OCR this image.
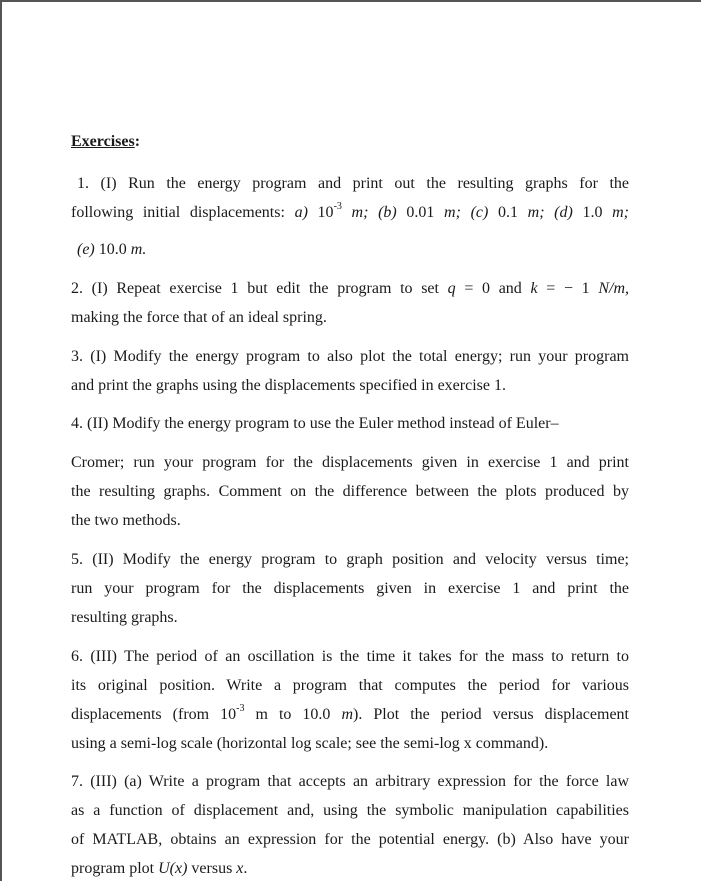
Exercises:
1. (I) Run the energy program and print out the resulting graphs for the
following initial displacements: a) $10^{-3}$ m; (b) 0.01 m; (c) 0.1 m; (d) 1.0 m;
(e) 10.0 m.
2. (I) Repeat exercise 1 but edit the program to set q = 0 and k = − 1 N/m,
making the force that of an ideal spring.
3. (I) Modify the energy program to also plot the total energy; run your program
and print the graphs using the displacements specified in exercise 1.
4. (II) Modify the energy program to use the Euler method instead of Euler–
Cromer; run your program for the displacements given in exercise 1 and print
the resulting graphs. Comment on the difference between the plots produced by
the two methods.
5. (II) Modify the energy program to graph position and velocity versus time;
run your program for the displacements given in exercise 1 and print the
resulting graphs.
6. (III) The period of an oscillation is the time it takes for the mass to return to
its original position. Write a program that computes the period for various
displacements (from $10^{-3}$ m to 10.0 m). Plot the period versus displacement
using a semi-log scale (horizontal log scale; see the semi-log x command).
7. (III) (a) Write a program that accepts an arbitrary expression for the force law
as a function of displacement and, using the symbolic manipulation capabilities
of MATLAB, obtains an expression for the potential energy. (b) Also have your
program plot U(x) versus x.
